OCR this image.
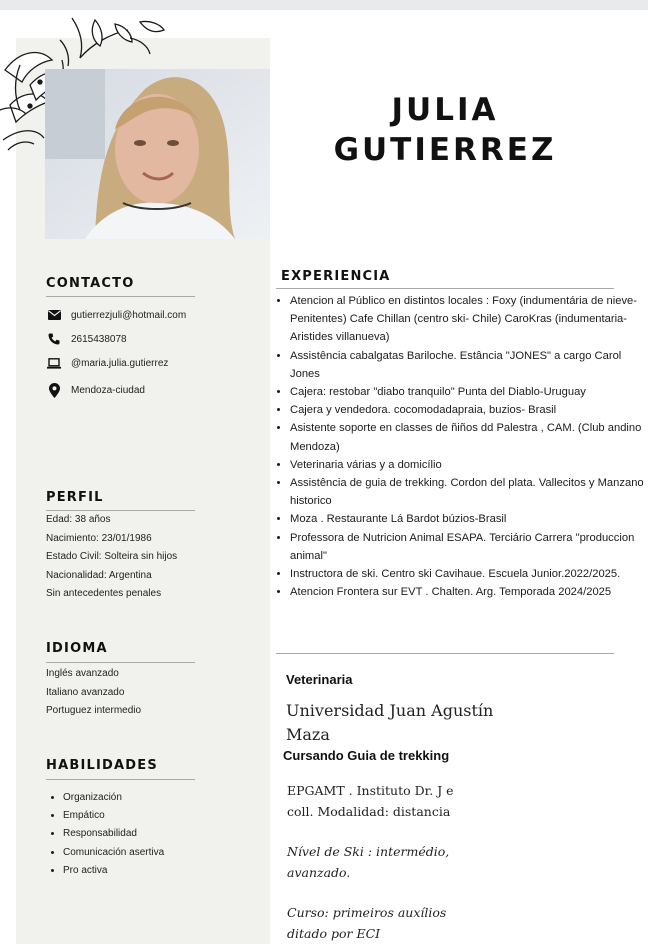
JULIA
GUTIERREZ
CONTACTO
gutierrezjuli@hotmail.com
2615438078
@maria.julia.gutierrez
Mendoza-ciudad
PERFIL
Edad: 38 años
Nacimiento: 23/01/1986
Estado Civil: Solteira sin hijos
Nacionalidad: Argentina
Sin antecedentes penales
IDIOMA
Inglés avanzado
Italiano avanzado
Portuguez intermedio
HABILIDADES
• Organización
• Empático
• Responsabilidad
• Comunicación asertiva
• Pro activa
EXPERIENCIA
• Atencion al Público en distintos locales : Foxy (indumentária de nieve-Penitentes) Cafe Chillan (centro ski- Chile) CaroKras (indumentaria-Aristides villanueva)
• Assistência cabalgatas Bariloche. Estância "JONES" a cargo Carol Jones
• Cajera: restobar "diabo tranquilo" Punta del Diablo-Uruguay
• Cajera y vendedora. cocomodadapraia, buzios- Brasil
• Asistente soporte en classes de ñiños dd Palestra , CAM. (Club andino Mendoza)
• Veterinaria várias y a domicílio
• Assistência de guia de trekking. Cordon del plata. Vallecitos y Manzano historico
• Moza . Restaurante Lá Bardot búzios-Brasil
• Professora de Nutricion Animal ESAPA. Terciário Carrera "produccion animal"
• Instructora de ski. Centro ski Cavihaue. Escuela Junior.2022/2025.
• Atencion Frontera sur EVT . Chalten. Arg. Temporada 2024/2025
Veterinaria
Universidad Juan Agustín Maza
Cursando Guia de trekking
EPGAMT . Instituto Dr. J e coll. Modalidad: distancia
Nível de Ski : intermédio, avanzado.
Curso: primeiros auxílios ditado por ECI
